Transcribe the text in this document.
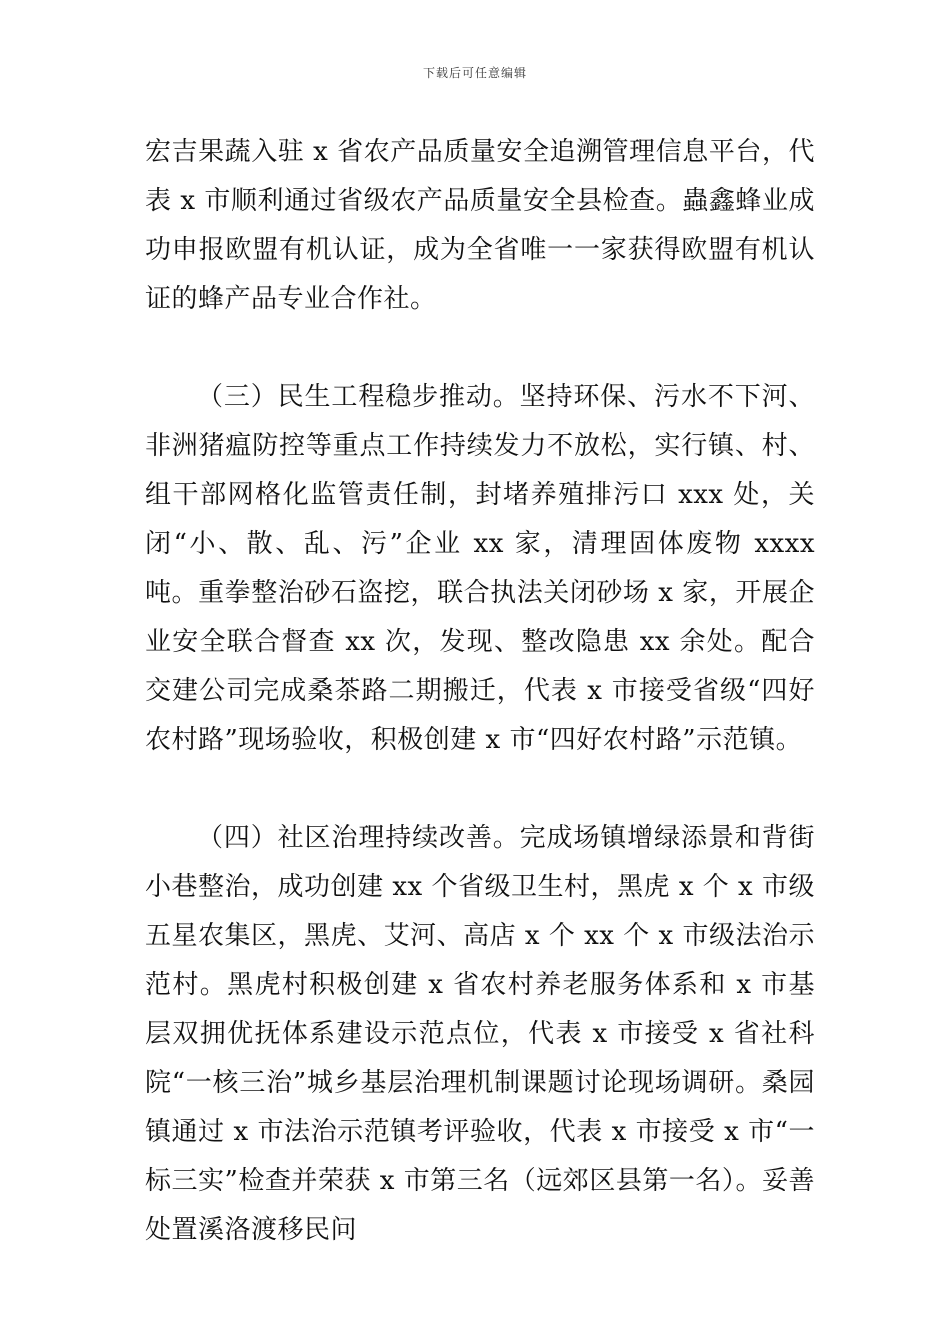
下载后可任意编辑

宏吉果蔬入驻 x 省农产品质量安全追溯管理信息平台，代表 x 市顺利通过省级农产品质量安全县检查。蟲鑫蜂业成功申报欧盟有机认证，成为全省唯一一家获得欧盟有机认证的蜂产品专业合作社。

（三）民生工程稳步推动。坚持环保、污水不下河、非洲猪瘟防控等重点工作持续发力不放松，实行镇、村、组干部网格化监管责任制，封堵养殖排污口 xxx 处，关闭“小、散、乱、污”企业 xx 家，清理固体废物 xxxx 吨。重拳整治砂石盗挖，联合执法关闭砂场 x 家，开展企业安全联合督查 xx 次，发现、整改隐患 xx 余处。配合交建公司完成桑茶路二期搬迁，代表 x 市接受省级“四好农村路”现场验收，积极创建 x 市“四好农村路”示范镇。

（四）社区治理持续改善。完成场镇增绿添景和背街小巷整治，成功创建 xx 个省级卫生村，黑虎 x 个 x 市级五星农集区，黑虎、艾河、高店 x 个 xx 个 x 市级法治示范村。黑虎村积极创建 x 省农村养老服务体系和 x 市基层双拥优抚体系建设示范点位，代表 x 市接受 x 省社科院“一核三治”城乡基层治理机制课题讨论现场调研。桑园镇通过 x 市法治示范镇考评验收，代表 x 市接受 x 市“一标三实”检查并荣获 x 市第三名（远郊区县第一名）。妥善处置溪洛渡移民问
